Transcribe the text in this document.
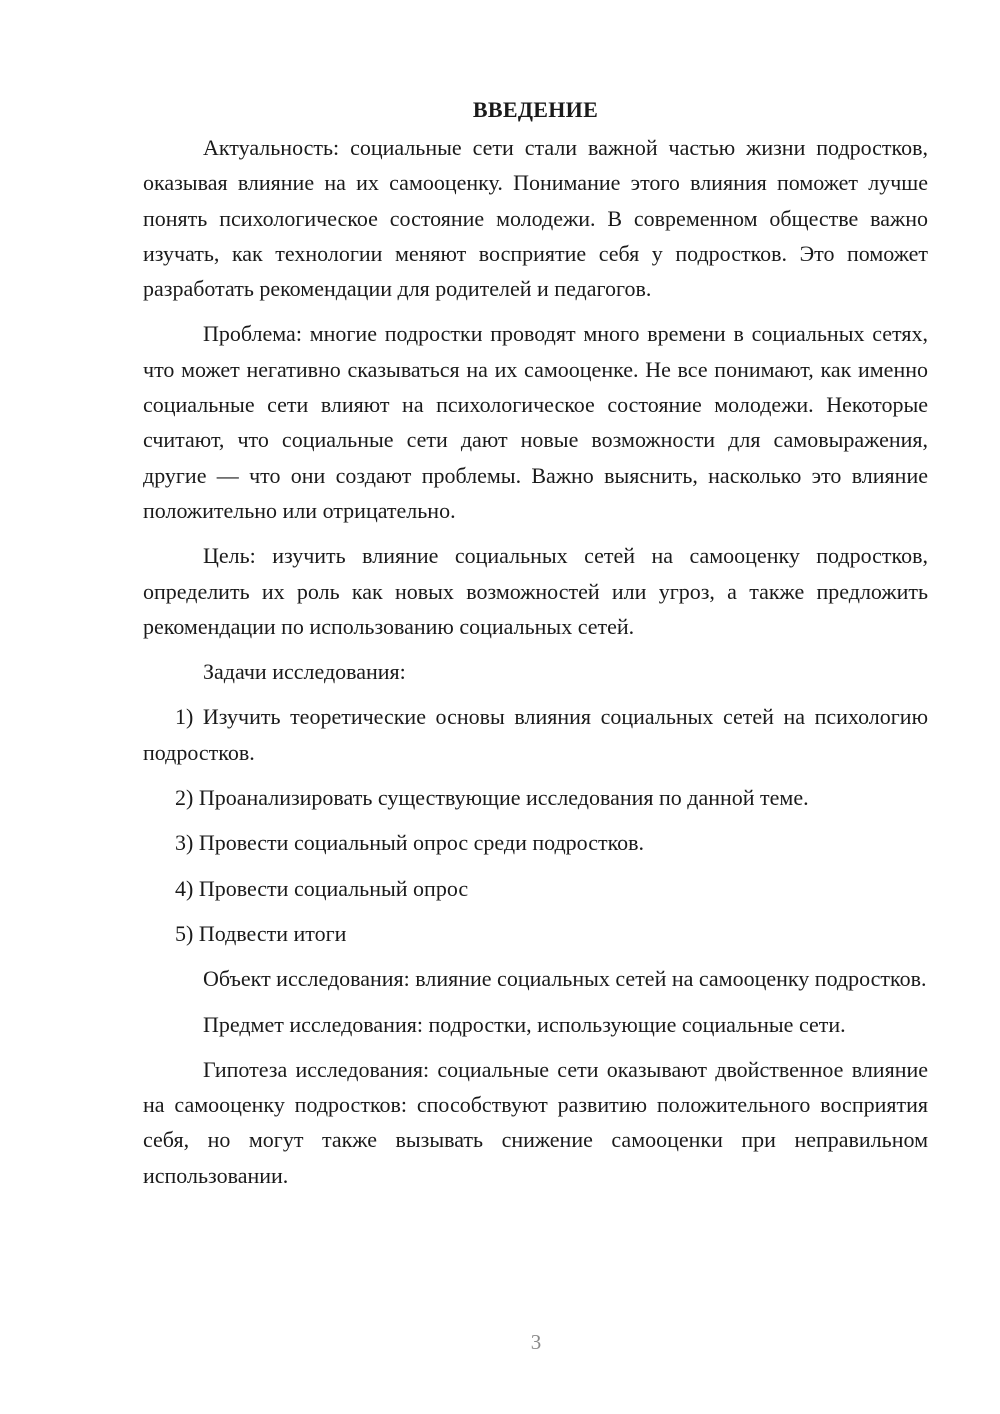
ВВЕДЕНИЕ

Актуальность: социальные сети стали важной частью жизни подростков, оказывая влияние на их самооценку. Понимание этого влияния поможет лучше понять психологическое состояние молодежи. В современном обществе важно изучать, как технологии меняют восприятие себя у подростков. Это поможет разработать рекомендации для родителей и педагогов.

Проблема: многие подростки проводят много времени в социальных сетях, что может негативно сказываться на их самооценке. Не все понимают, как именно социальные сети влияют на психологическое состояние молодежи. Некоторые считают, что социальные сети дают новые возможности для самовыражения, другие — что они создают проблемы. Важно выяснить, насколько это влияние положительно или отрицательно.

Цель: изучить влияние социальных сетей на самооценку подростков, определить их роль как новых возможностей или угроз, а также предложить рекомендации по использованию социальных сетей.

Задачи исследования:

1) Изучить теоретические основы влияния социальных сетей на психологию подростков.

2) Проанализировать существующие исследования по данной теме.

3) Провести социальный опрос среди подростков.

4) Провести социальный опрос

5) Подвести итоги

Объект исследования: влияние социальных сетей на самооценку подростков.

Предмет исследования: подростки, использующие социальные сети.

Гипотеза исследования: социальные сети оказывают двойственное влияние на самооценку подростков: способствуют развитию положительного восприятия себя, но могут также вызывать снижение самооценки при неправильном использовании.

3
